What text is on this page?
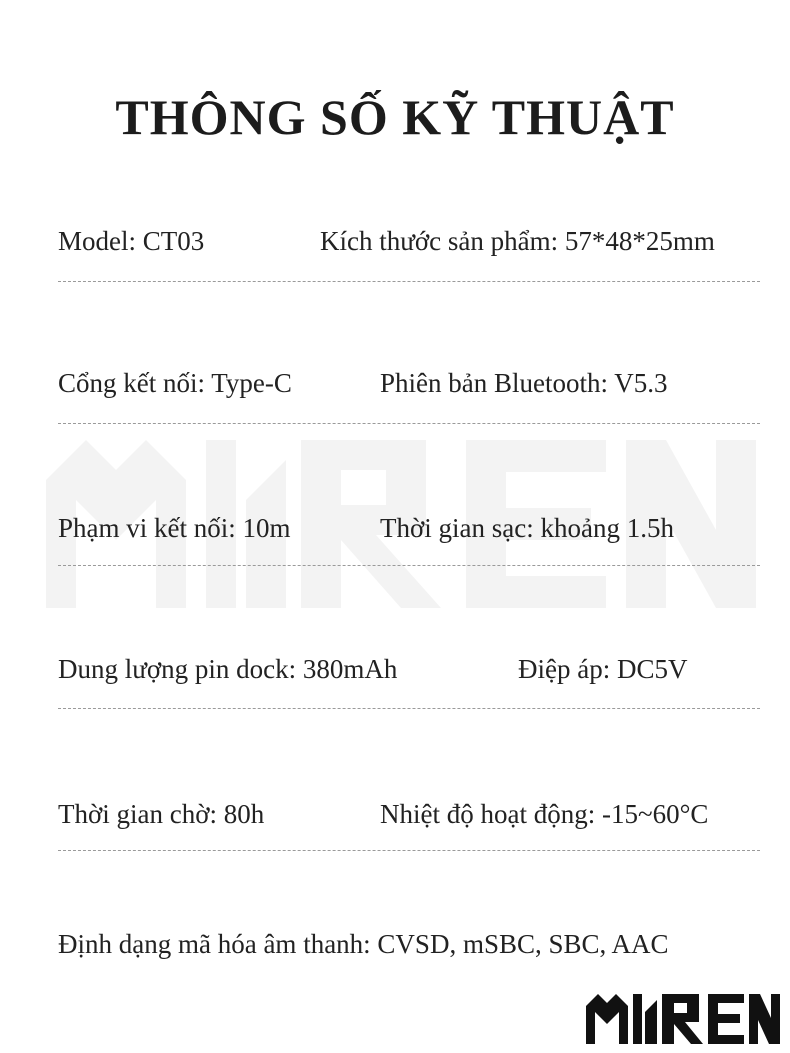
THÔNG SỐ KỸ THUẬT
Model: CT03	Kích thước sản phẩm: 57*48*25mm
Cổng kết nối: Type-C	Phiên bản Bluetooth: V5.3
Phạm vi kết nối: 10m	Thời gian sạc: khoảng 1.5h
Dung lượng pin dock: 380mAh	Điệp áp: DC5V
Thời gian chờ: 80h	Nhiệt độ hoạt động: -15~60°C
Định dạng mã hóa âm thanh: CVSD, mSBC, SBC, AAC
